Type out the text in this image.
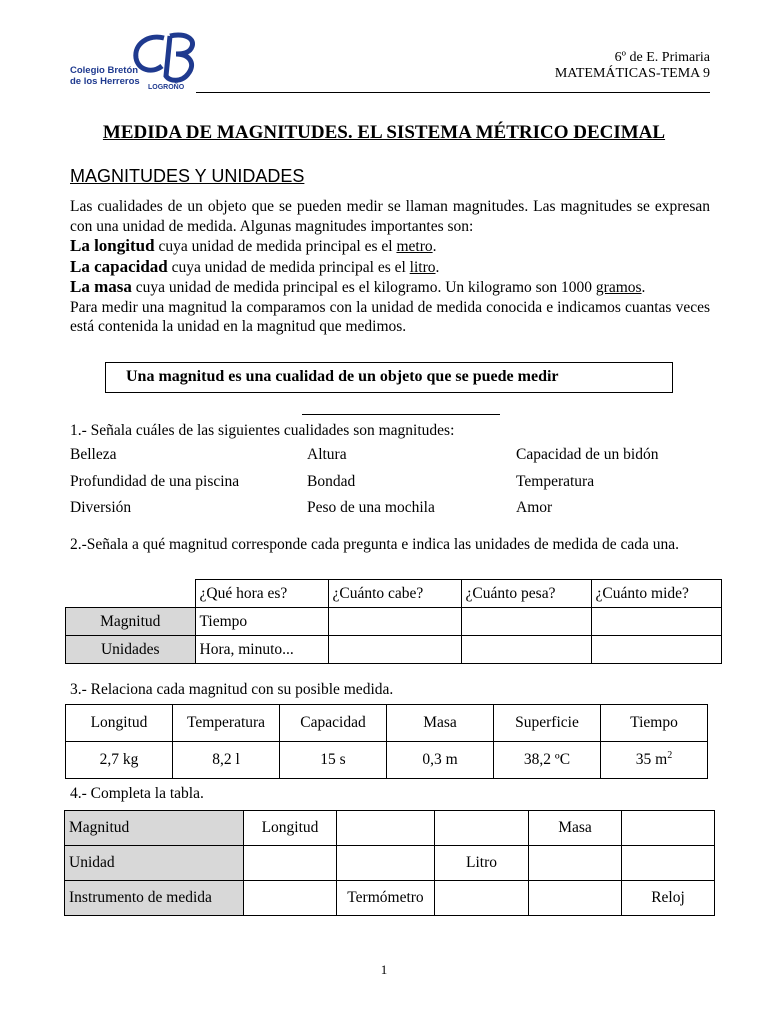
Colegio Bretón
de los Herreros
LOGROÑO
6º de E. Primaria
MATEMÁTICAS-TEMA 9
MEDIDA DE MAGNITUDES. EL SISTEMA MÉTRICO DECIMAL
MAGNITUDES Y UNIDADES

Las cualidades de un objeto que se pueden medir se llaman magnitudes. Las magnitudes se expresan con una unidad de medida. Algunas magnitudes importantes son:

La longitud cuya unidad de medida principal es el metro.

La capacidad cuya unidad de medida principal es el litro.

La masa cuya unidad de medida principal es el kilogramo. Un kilogramo son 1000 gramos.

Para medir una magnitud la comparamos con la unidad de medida conocida e indicamos cuantas veces está contenida la unidad en la magnitud que medimos.

Una magnitud es una cualidad de un objeto que se puede medir
1.- Señala cuáles de las siguientes cualidades son magnitudes:
Belleza	Altura	Capacidad de un bidón
Profundidad de una piscina	Bondad	Temperatura
Diversión	Peso de una mochila	Amor
2.-Señala a qué magnitud corresponde cada pregunta e indica las unidades de medida de cada una.
	¿Qué hora es?	¿Cuánto cabe?	¿Cuánto pesa?	¿Cuánto mide?
Magnitud	Tiempo			
Unidades	Hora, minuto...			
3.- Relaciona cada magnitud con su posible medida.
Longitud	Temperatura	Capacidad	Masa	Superficie	Tiempo
2,7 kg	8,2 l	15 s	0,3 m	38,2 ºC	35 $m^2$
4.- Completa la tabla.
Magnitud	Longitud			Masa	
Unidad			Litro		
Instrumento de medida		Termómetro			Reloj
1
